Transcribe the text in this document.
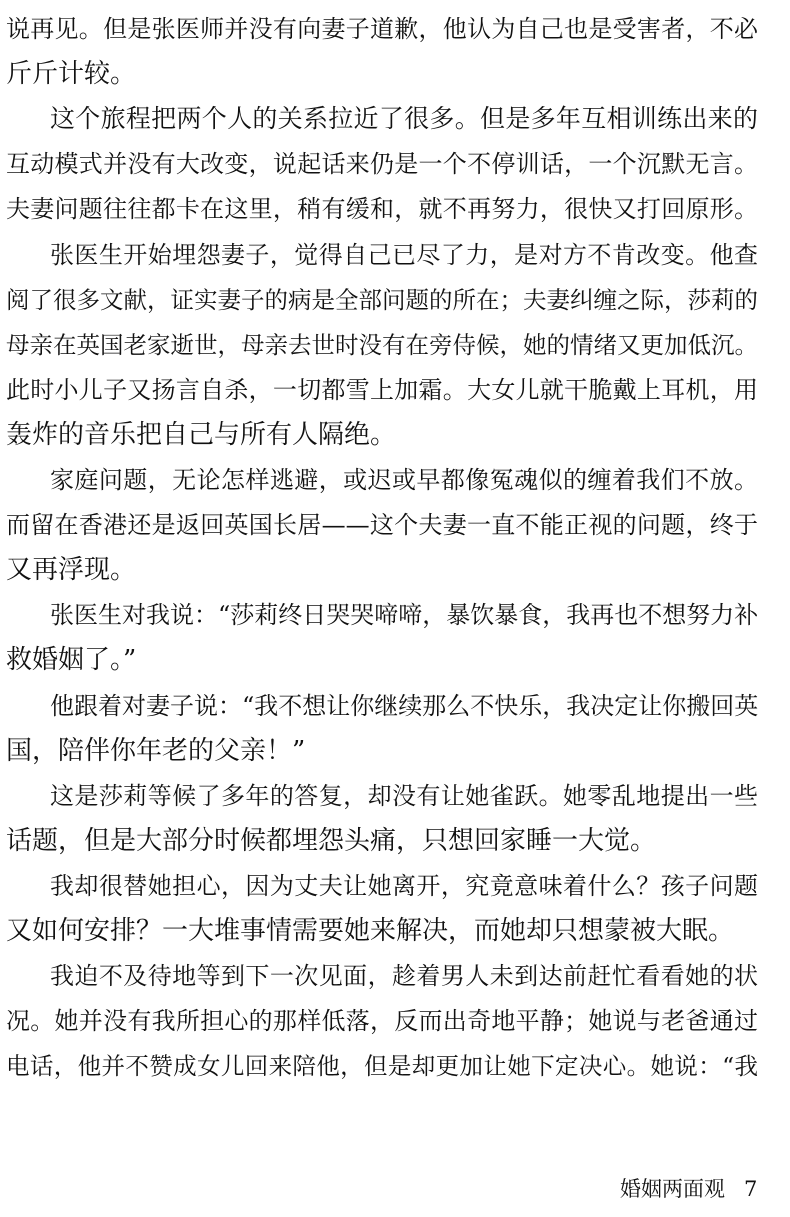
说再见。但是张医师并没有向妻子道歉，他认为自己也是受害者，不必
斤斤计较。
这个旅程把两个人的关系拉近了很多。但是多年互相训练出来的
互动模式并没有大改变，说起话来仍是一个不停训话，一个沉默无言。
夫妻问题往往都卡在这里，稍有缓和，就不再努力，很快又打回原形。
张医生开始埋怨妻子，觉得自己已尽了力，是对方不肯改变。他查
阅了很多文献，证实妻子的病是全部问题的所在；夫妻纠缠之际，莎莉的
母亲在英国老家逝世，母亲去世时没有在旁侍候，她的情绪又更加低沉。
此时小儿子又扬言自杀，一切都雪上加霜。大女儿就干脆戴上耳机，用
轰炸的音乐把自己与所有人隔绝。
家庭问题，无论怎样逃避，或迟或早都像冤魂似的缠着我们不放。
而留在香港还是返回英国长居——这个夫妻一直不能正视的问题，终于
又再浮现。
张医生对我说：“莎莉终日哭哭啼啼，暴饮暴食，我再也不想努力补
救婚姻了。”
他跟着对妻子说：“我不想让你继续那么不快乐，我决定让你搬回英
国，陪伴你年老的父亲！”
这是莎莉等候了多年的答复，却没有让她雀跃。她零乱地提出一些
话题，但是大部分时候都埋怨头痛，只想回家睡一大觉。
我却很替她担心，因为丈夫让她离开，究竟意味着什么？孩子问题
又如何安排？一大堆事情需要她来解决，而她却只想蒙被大眠。
我迫不及待地等到下一次见面，趁着男人未到达前赶忙看看她的状
况。她并没有我所担心的那样低落，反而出奇地平静；她说与老爸通过
电话，他并不赞成女儿回来陪他，但是却更加让她下定决心。她说：“我
婚姻两面观 7
